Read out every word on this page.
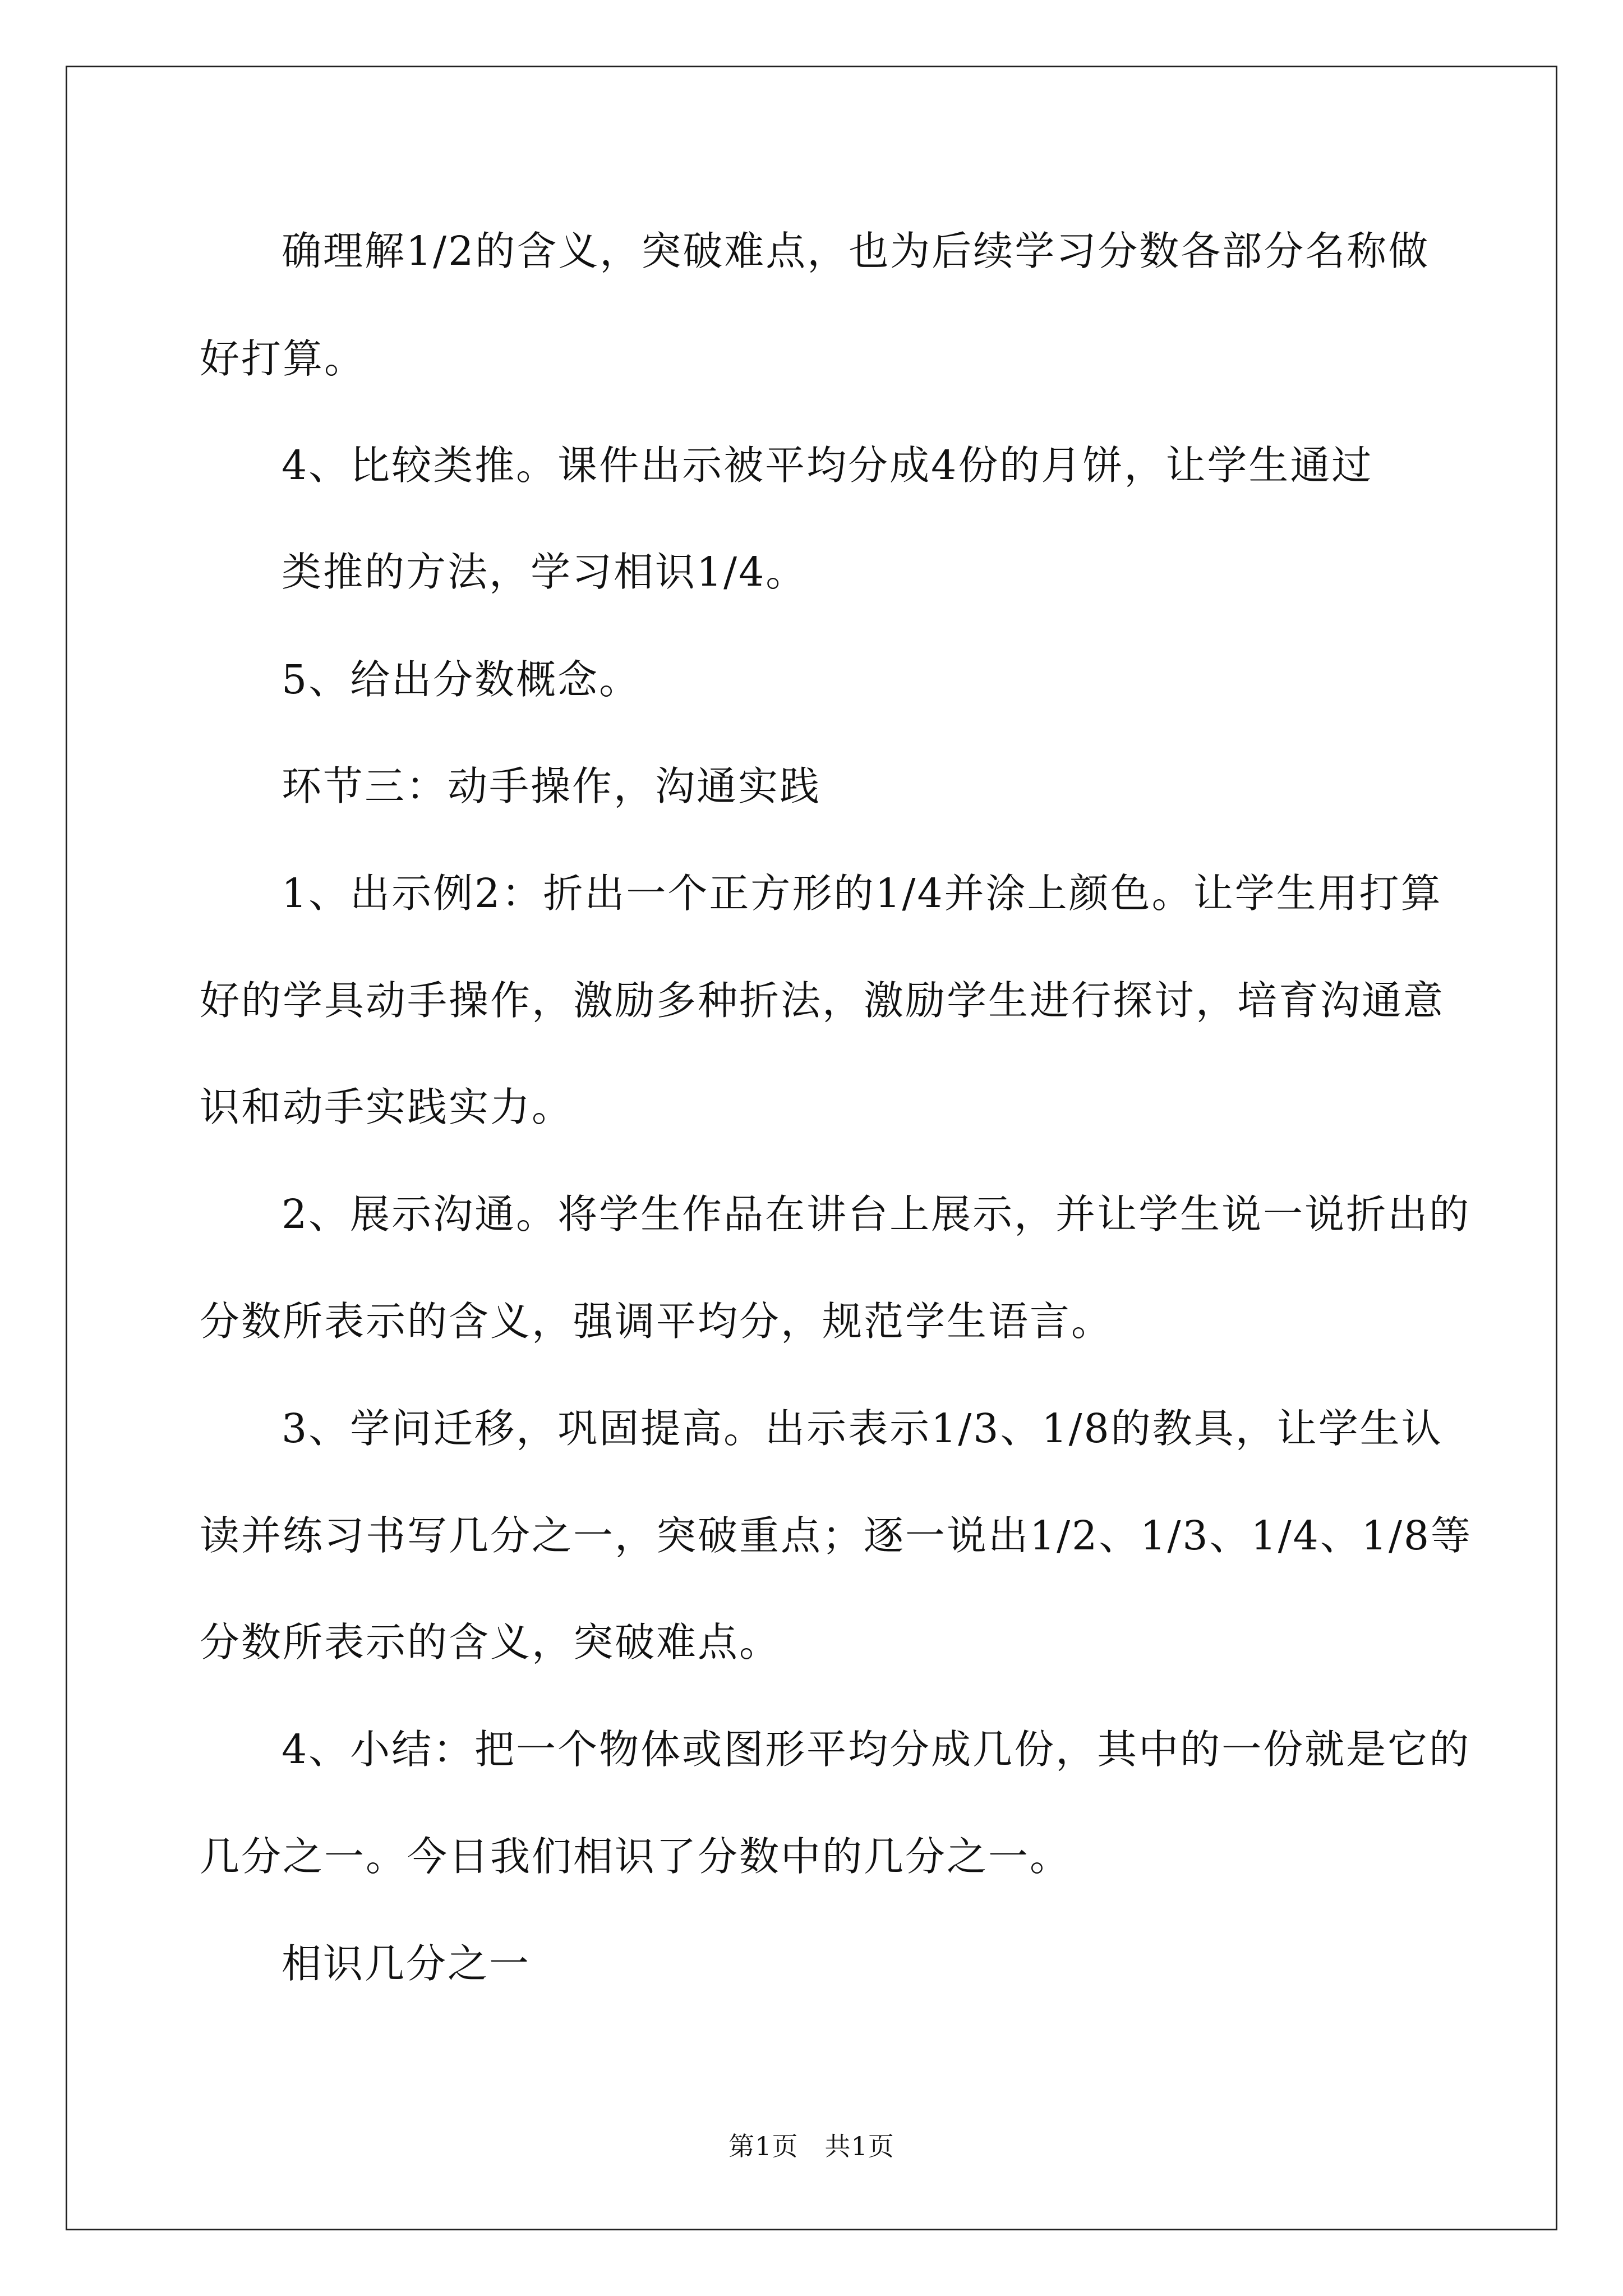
确理解1/2的含义，突破难点，也为后续学习分数各部分名称做
好打算。
4、比较类推。课件出示被平均分成4份的月饼，让学生通过
类推的方法，学习相识1/4。
5、给出分数概念。
环节三：动手操作，沟通实践
1、出示例2：折出一个正方形的1/4并涂上颜色。让学生用打算
好的学具动手操作，激励多种折法，激励学生进行探讨，培育沟通意
识和动手实践实力。
2、展示沟通。将学生作品在讲台上展示，并让学生说一说折出的
分数所表示的含义，强调平均分，规范学生语言。
3、学问迁移，巩固提高。出示表示1/3、1/8的教具，让学生认
读并练习书写几分之一，突破重点；逐一说出1/2、1/3、1/4、1/8等
分数所表示的含义，突破难点。
4、小结：把一个物体或图形平均分成几份，其中的一份就是它的
几分之一。今日我们相识了分数中的几分之一。
相识几分之一
第1页　共1页
